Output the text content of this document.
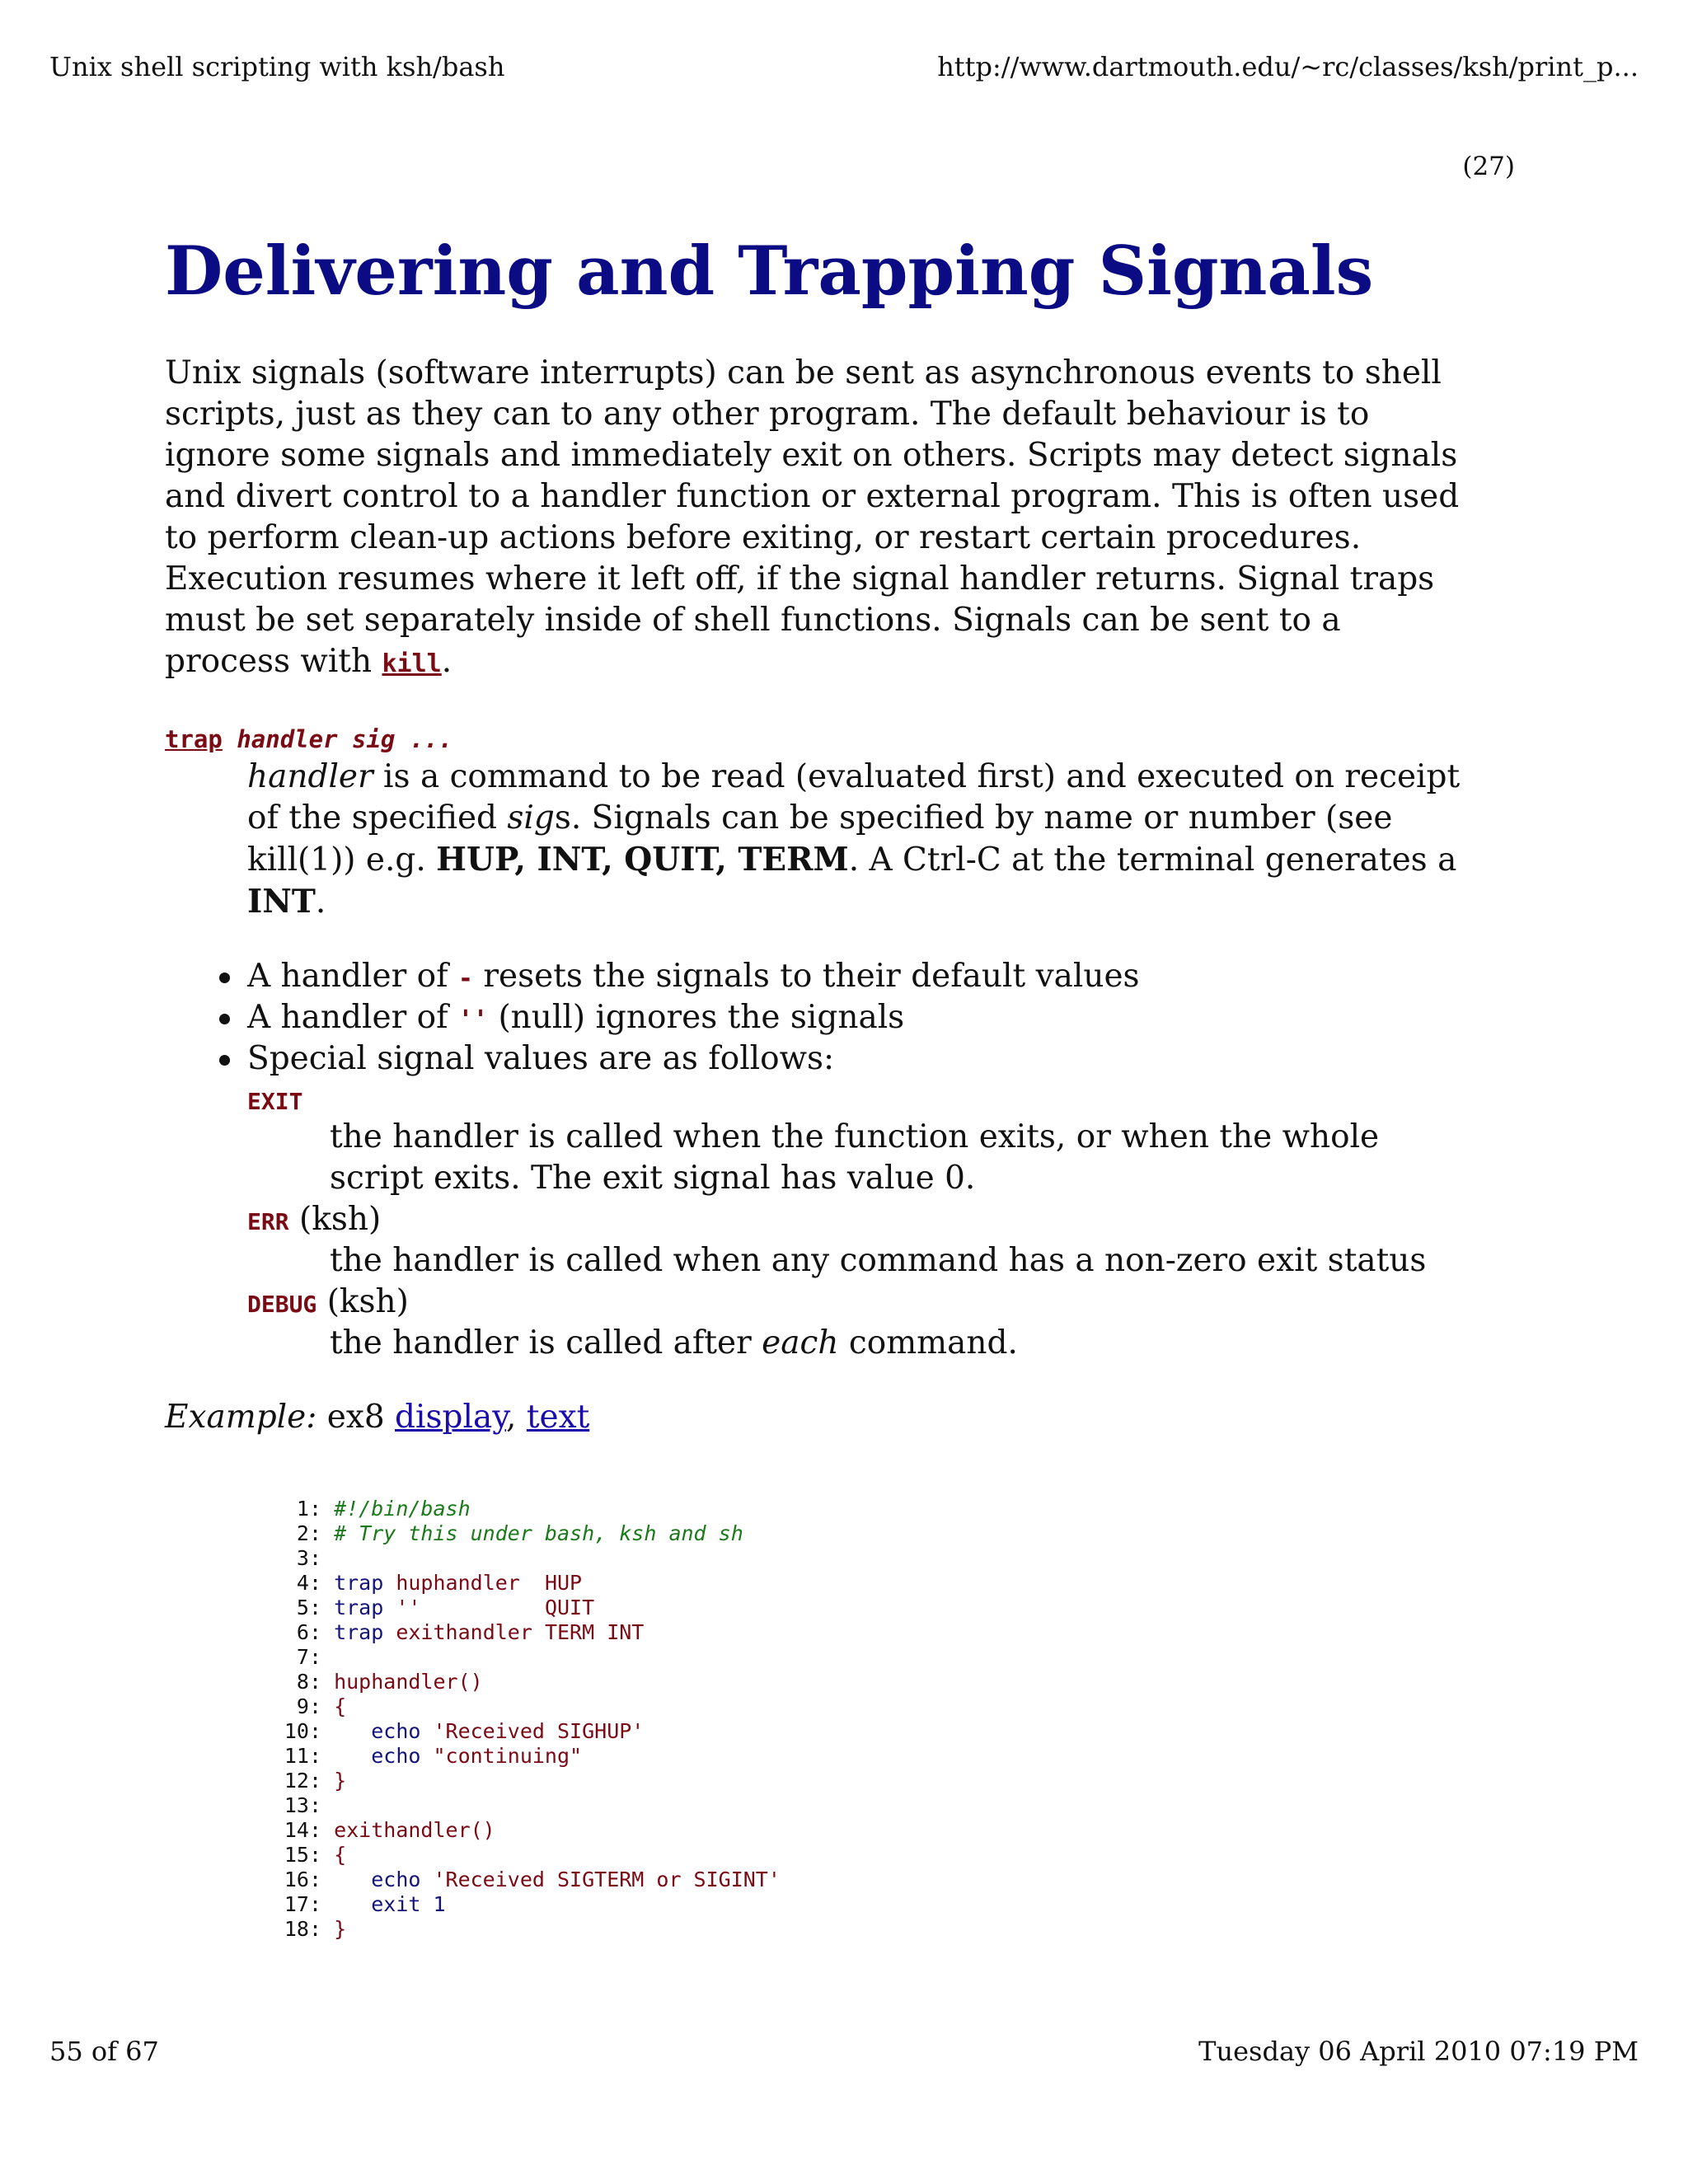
Unix shell scripting with ksh/bash	http://www.dartmouth.edu/~rc/classes/ksh/print_p...
(27)
Delivering and Trapping Signals
Unix signals (software interrupts) can be sent as asynchronous events to shell
scripts, just as they can to any other program. The default behaviour is to
ignore some signals and immediately exit on others. Scripts may detect signals
and divert control to a handler function or external program. This is often used
to perform clean-up actions before exiting, or restart certain procedures.
Execution resumes where it left off, if the signal handler returns. Signal traps
must be set separately inside of shell functions. Signals can be sent to a
process with kill.
trap handler sig ...
handler is a command to be read (evaluated first) and executed on receipt
of the specified sigs. Signals can be specified by name or number (see
kill(1)) e.g. HUP, INT, QUIT, TERM. A Ctrl-C at the terminal generates a
INT.
A handler of - resets the signals to their default values
A handler of '' (null) ignores the signals
Special signal values are as follows:
EXIT
the handler is called when the function exits, or when the whole
script exits. The exit signal has value 0.
ERR (ksh)
the handler is called when any command has a non-zero exit status
DEBUG (ksh)
the handler is called after each command.
Example: ex8 display, text
1: #!/bin/bash
2: # Try this under bash, ksh and sh
3:
4: trap huphandler  HUP
5: trap ''          QUIT
6: trap exithandler TERM INT
7:
8: huphandler()
9: {
10:    echo 'Received SIGHUP'
11:    echo "continuing"
12: }
13:
14: exithandler()
15: {
16:    echo 'Received SIGTERM or SIGINT'
17:    exit 1
18: }
55 of 67	Tuesday 06 April 2010 07:19 PM
